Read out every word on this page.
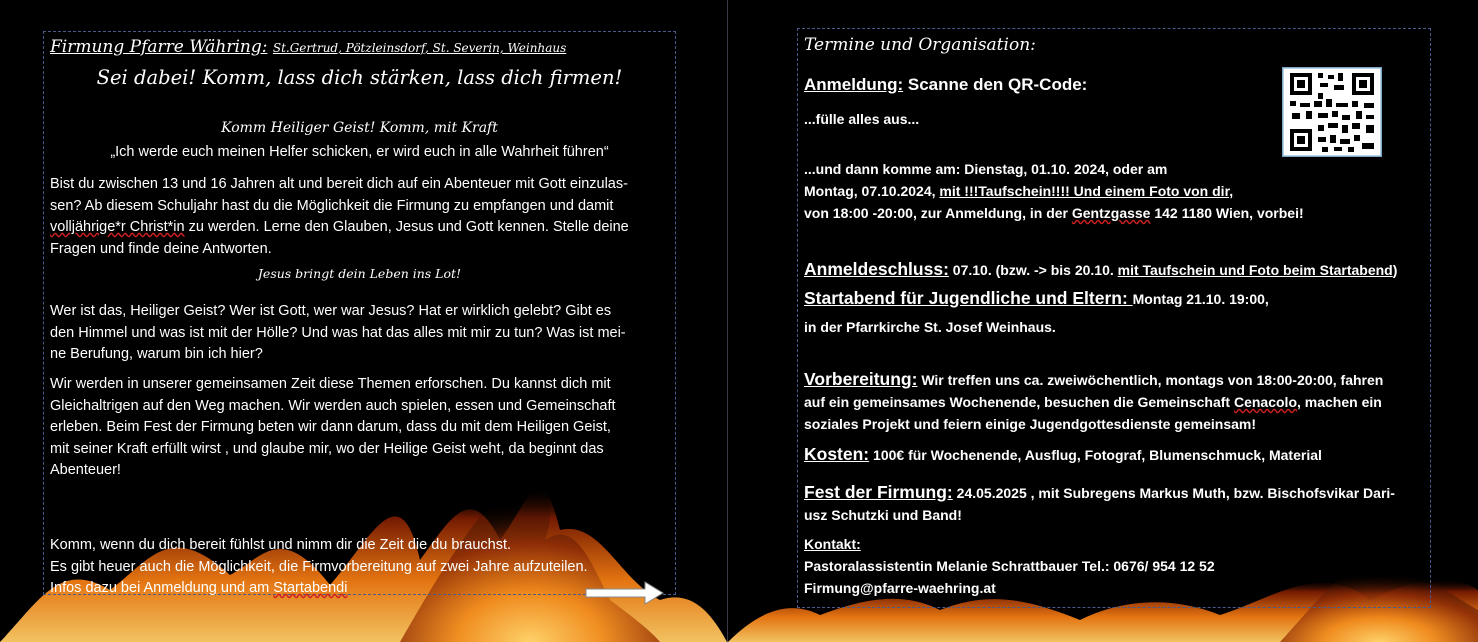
Firmung Pfarre Währing: St.Gertrud, Pötzleinsdorf, St. Severin, Weinhaus
Sei dabei! Komm, lass dich stärken, lass dich firmen!
Komm Heiliger Geist! Komm, mit Kraft
„Ich werde euch meinen Helfer schicken, er wird euch in alle Wahrheit führen“
Bist du zwischen 13 und 16 Jahren alt und bereit dich auf ein Abenteuer mit Gott einzulas-
sen? Ab diesem Schuljahr hast du die Möglichkeit die Firmung zu empfangen und damit
volljährige*r Christ*in zu werden. Lerne den Glauben, Jesus und Gott kennen. Stelle deine
Fragen und finde deine Antworten.
Jesus bringt dein Leben ins Lot!
Wer ist das, Heiliger Geist? Wer ist Gott, wer war Jesus? Hat er wirklich gelebt? Gibt es
den Himmel und was ist mit der Hölle? Und was hat das alles mit mir zu tun? Was ist mei-
ne Berufung, warum bin ich hier?
Wir werden in unserer gemeinsamen Zeit diese Themen erforschen. Du kannst dich mit
Gleichaltrigen auf den Weg machen. Wir werden auch spielen, essen und Gemeinschaft
erleben. Beim Fest der Firmung beten wir dann darum, dass du mit dem Heiligen Geist,
mit seiner Kraft erfüllt wirst , und glaube mir, wo der Heilige Geist weht, da beginnt das
Abenteuer!
Komm, wenn du dich bereit fühlst und nimm dir die Zeit die du brauchst.
Es gibt heuer auch die Möglichkeit, die Firmvorbereitung auf zwei Jahre aufzuteilen.
Infos dazu bei Anmeldung und am Startabendi
Termine und Organisation:
Anmeldung: Scanne den QR-Code:
...fülle alles aus...
...und dann komme am: Dienstag, 01.10. 2024, oder am
Montag, 07.10.2024, mit !!!Taufschein!!!! Und einem Foto von dir,
von 18:00 -20:00, zur Anmeldung, in der Gentzgasse 142 1180 Wien, vorbei!
Anmeldeschluss: 07.10. (bzw. -> bis 20.10. mit Taufschein und Foto beim Startabend)
Startabend für Jugendliche und Eltern: Montag 21.10. 19:00,
in der Pfarrkirche St. Josef Weinhaus.
Vorbereitung: Wir treffen uns ca. zweiwöchentlich, montags von 18:00-20:00, fahren
auf ein gemeinsames Wochenende, besuchen die Gemeinschaft Cenacolo, machen ein
soziales Projekt und feiern einige Jugendgottesdienste gemeinsam!
Kosten: 100€ für Wochenende, Ausflug, Fotograf, Blumenschmuck, Material
Fest der Firmung: 24.05.2025 , mit Subregens Markus Muth, bzw. Bischofsvikar Dari-
usz Schutzki und Band!
Kontakt:
Pastoralassistentin Melanie Schrattbauer Tel.: 0676/ 954 12 52
Firmung@pfarre-waehring.at
